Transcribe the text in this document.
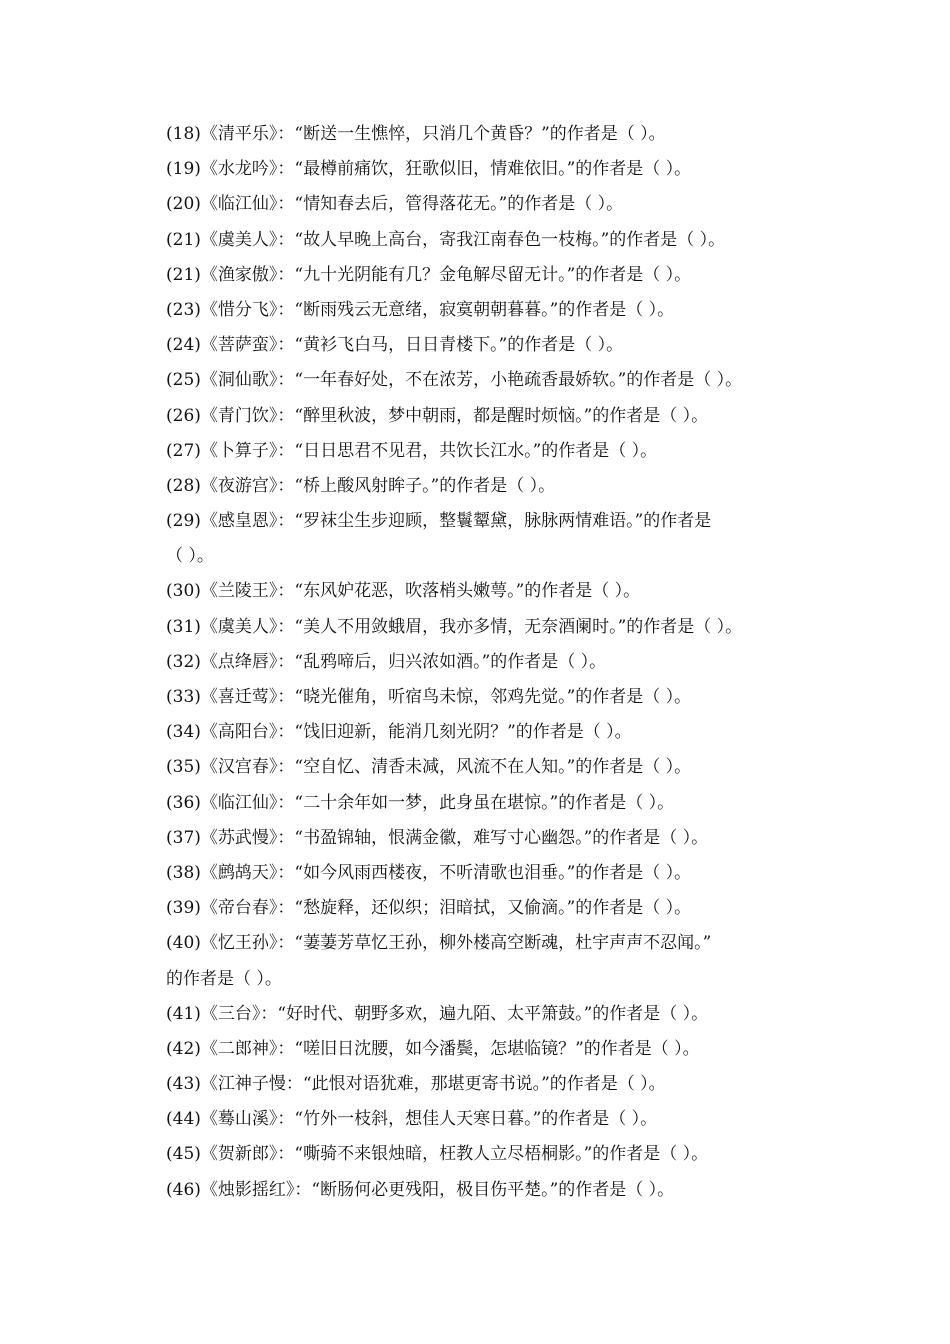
(18)《清平乐》：“断送一生憔悴，只消几个黄昏？”的作者是（ ）。
(19)《水龙吟》：“最樽前痛饮，狂歌似旧，情难依旧。”的作者是（ ）。
(20)《临江仙》：“情知春去后，管得落花无。”的作者是（ ）。
(21)《虞美人》：“故人早晚上高台，寄我江南春色一枝梅。”的作者是（ ）。
(21)《渔家傲》：“九十光阴能有几？金龟解尽留无计。”的作者是（ ）。
(23)《惜分飞》：“断雨残云无意绪，寂寞朝朝暮暮。”的作者是（ ）。
(24)《菩萨蛮》：“黄衫飞白马，日日青楼下。”的作者是（ ）。
(25)《洞仙歌》：“一年春好处，不在浓芳，小艳疏香最娇软。”的作者是（ ）。
(26)《青门饮》：“醉里秋波，梦中朝雨，都是醒时烦恼。”的作者是（ ）。
(27)《卜算子》：“日日思君不见君，共饮长江水。”的作者是（ ）。
(28)《夜游宫》：“桥上酸风射眸子。”的作者是（ ）。
(29)《感皇恩》：“罗袜尘生步迎顾，整鬟颦黛，脉脉两情难语。”的作者是
（ ）。
(30)《兰陵王》：“东风妒花恶，吹落梢头嫩萼。”的作者是（ ）。
(31)《虞美人》：“美人不用敛蛾眉，我亦多情，无奈酒阑时。”的作者是（ ）。
(32)《点绛唇》：“乱鸦啼后，归兴浓如酒。”的作者是（ ）。
(33)《喜迁莺》：“晓光催角，听宿鸟未惊，邻鸡先觉。”的作者是（ ）。
(34)《高阳台》：“饯旧迎新，能消几刻光阴？”的作者是（ ）。
(35)《汉宫春》：“空自忆、清香未减，风流不在人知。”的作者是（ ）。
(36)《临江仙》：“二十余年如一梦，此身虽在堪惊。”的作者是（ ）。
(37)《苏武慢》：“书盈锦轴，恨满金徽，难写寸心幽怨。”的作者是（ ）。
(38)《鹧鸪天》：“如今风雨西楼夜，不听清歌也泪垂。”的作者是（ ）。
(39)《帝台春》：“愁旋释，还似织；泪暗拭，又偷滴。”的作者是（ ）。
(40)《忆王孙》：“萋萋芳草忆王孙，柳外楼高空断魂，杜宇声声不忍闻。”
的作者是（ ）。
(41)《三台》：“好时代、朝野多欢，遍九陌、太平箫鼓。”的作者是（ ）。
(42)《二郎神》：“嗟旧日沈腰，如今潘鬓，怎堪临镜？”的作者是（ ）。
(43)《江神子慢：“此恨对语犹难，那堪更寄书说。”的作者是（ ）。
(44)《蓦山溪》：“竹外一枝斜，想佳人天寒日暮。”的作者是（ ）。
(45)《贺新郎》：“嘶骑不来银烛暗，枉教人立尽梧桐影。”的作者是（ ）。
(46)《烛影摇红》：“断肠何必更残阳，极目伤平楚。”的作者是（ ）。
